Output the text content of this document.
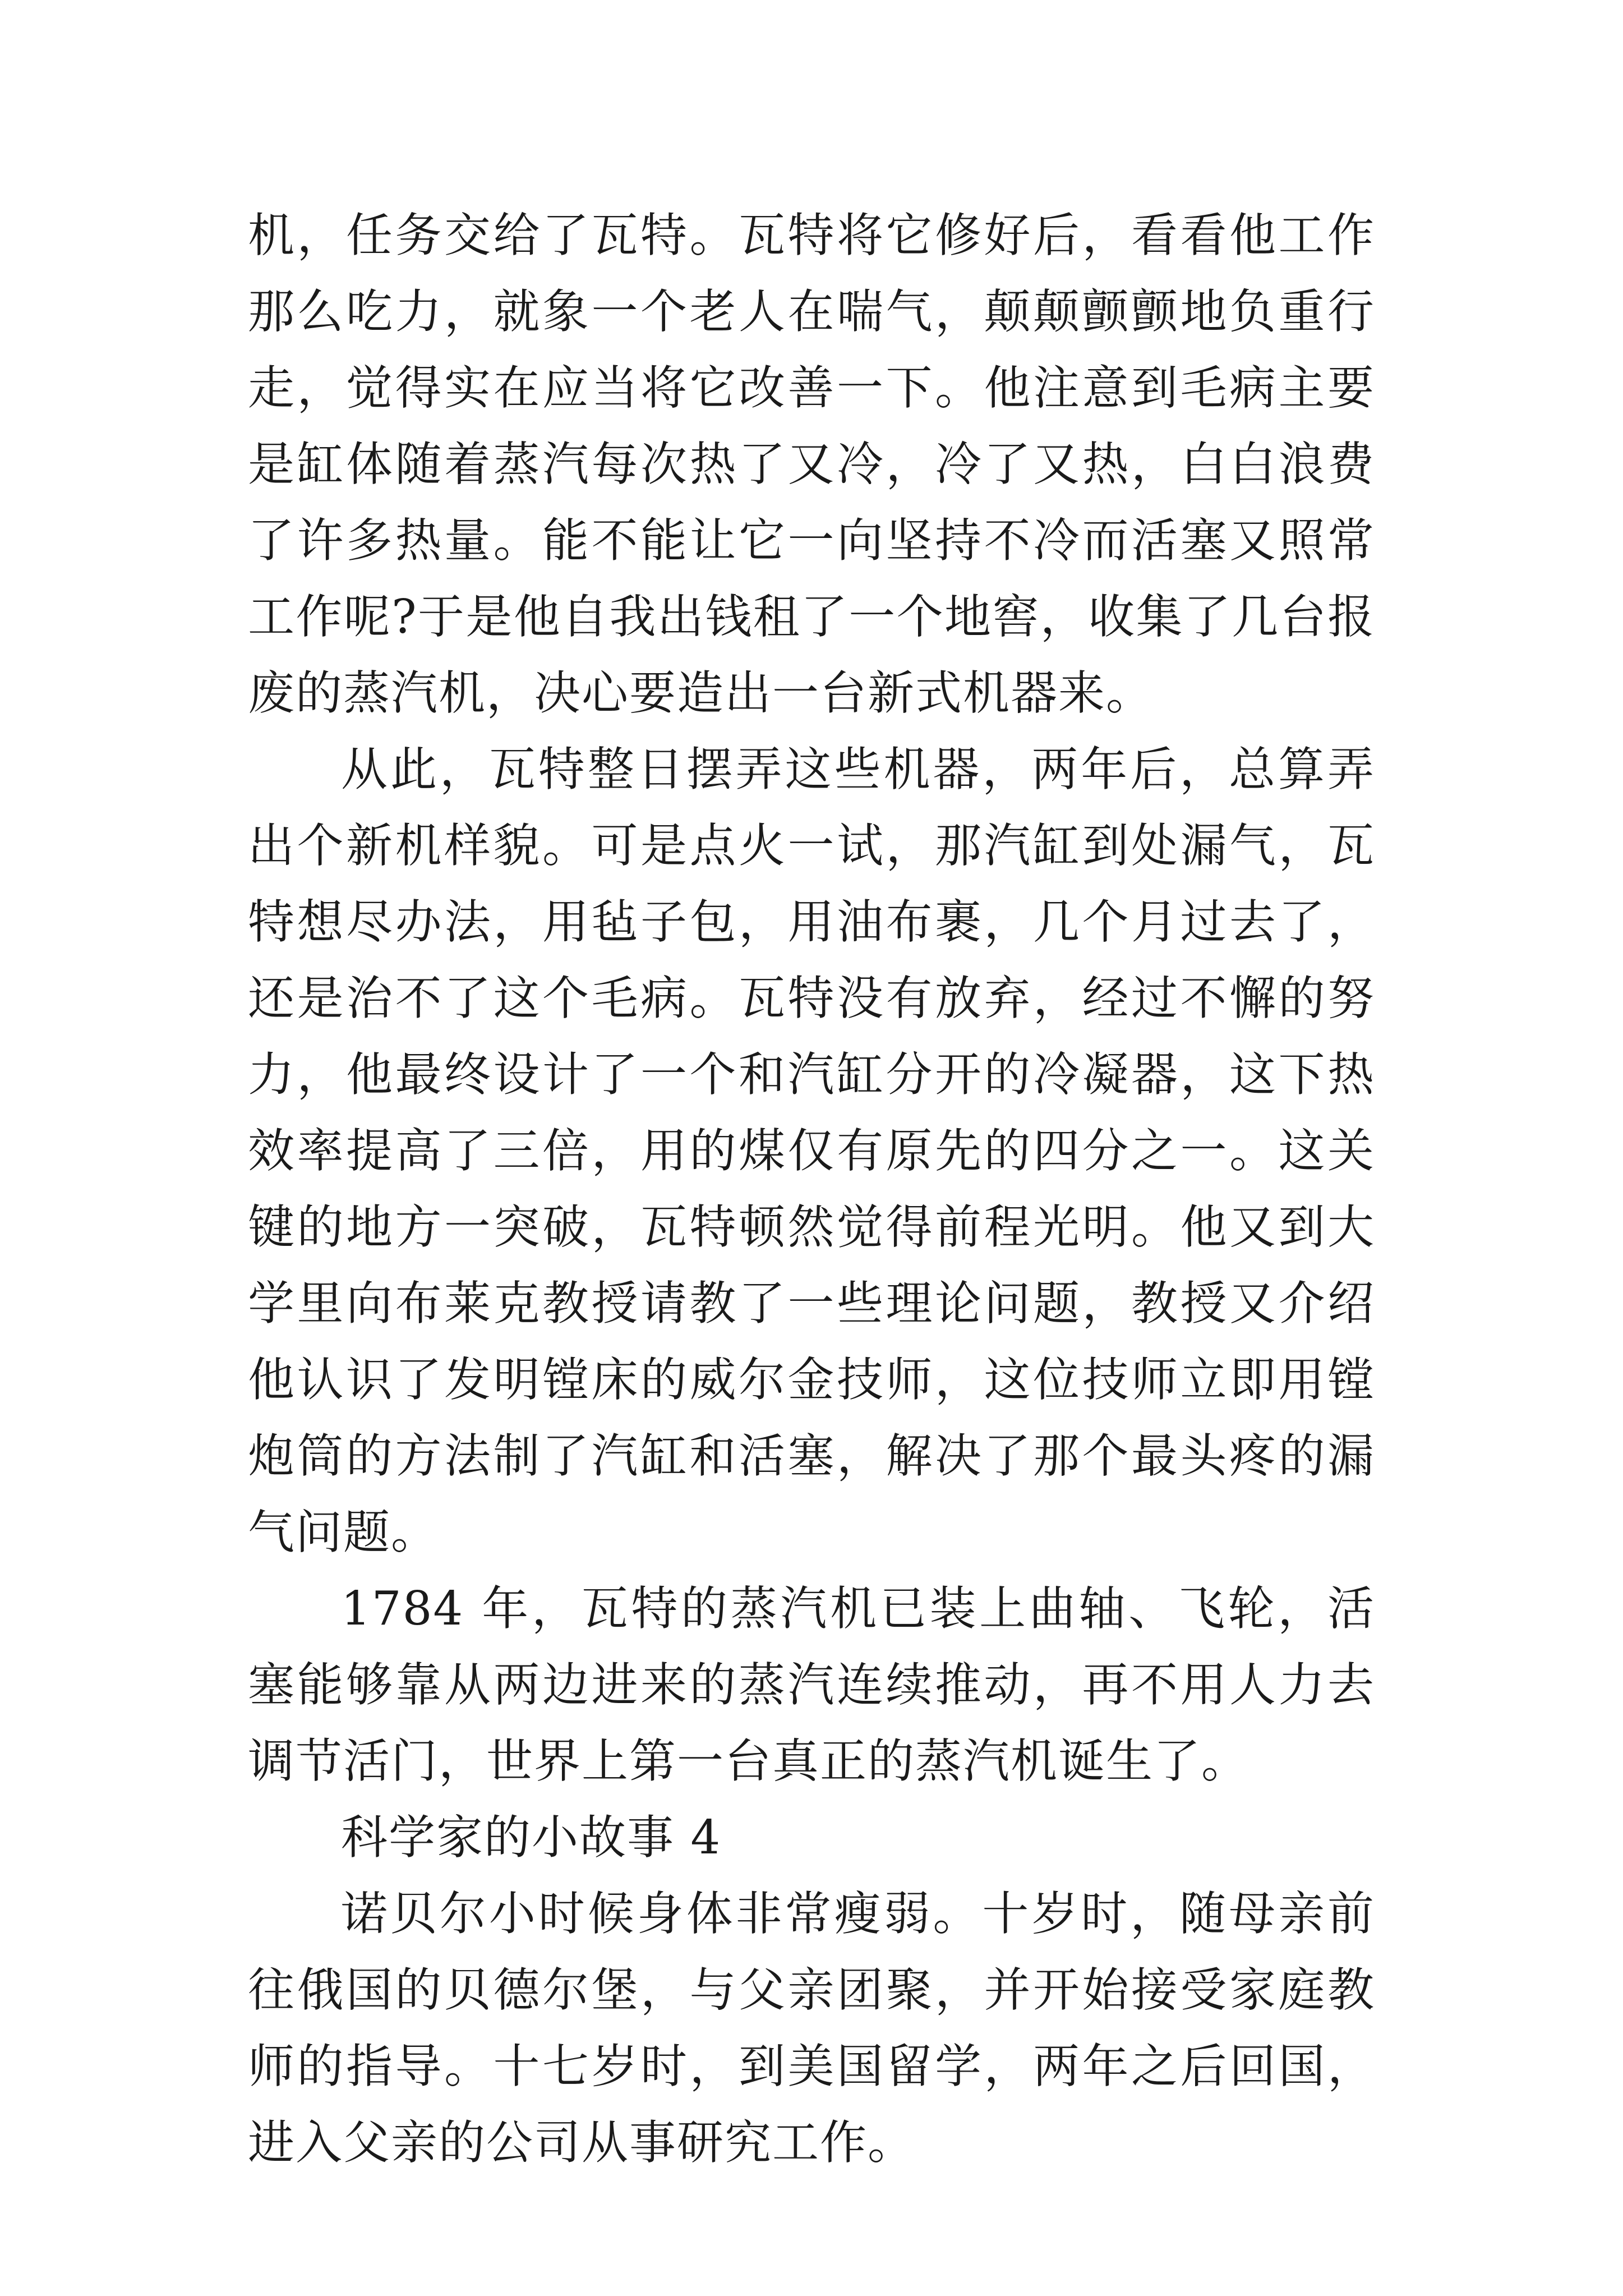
机，任务交给了瓦特。瓦特将它修好后，看看他工作那么吃力，就象一个老人在喘气，颠颠颤颤地负重行走，觉得实在应当将它改善一下。他注意到毛病主要是缸体随着蒸汽每次热了又冷，冷了又热，白白浪费了许多热量。能不能让它一向坚持不冷而活塞又照常工作呢?于是他自我出钱租了一个地窖，收集了几台报废的蒸汽机，决心要造出一台新式机器来。

从此，瓦特整日摆弄这些机器，两年后，总算弄出个新机样貌。可是点火一试，那汽缸到处漏气，瓦特想尽办法，用毡子包，用油布裹，几个月过去了，还是治不了这个毛病。瓦特没有放弃，经过不懈的努力，他最终设计了一个和汽缸分开的冷凝器，这下热效率提高了三倍，用的煤仅有原先的四分之一。这关键的地方一突破，瓦特顿然觉得前程光明。他又到大学里向布莱克教授请教了一些理论问题，教授又介绍他认识了发明镗床的威尔金技师，这位技师立即用镗炮筒的方法制了汽缸和活塞，解决了那个最头疼的漏气问题。

1784 年，瓦特的蒸汽机已装上曲轴、飞轮，活塞能够靠从两边进来的蒸汽连续推动，再不用人力去调节活门，世界上第一台真正的蒸汽机诞生了。

科学家的小故事 4

诺贝尔小时候身体非常瘦弱。十岁时，随母亲前往俄国的贝德尔堡，与父亲团聚，并开始接受家庭教师的指导。十七岁时，到美国留学，两年之后回国，进入父亲的公司从事研究工作。
